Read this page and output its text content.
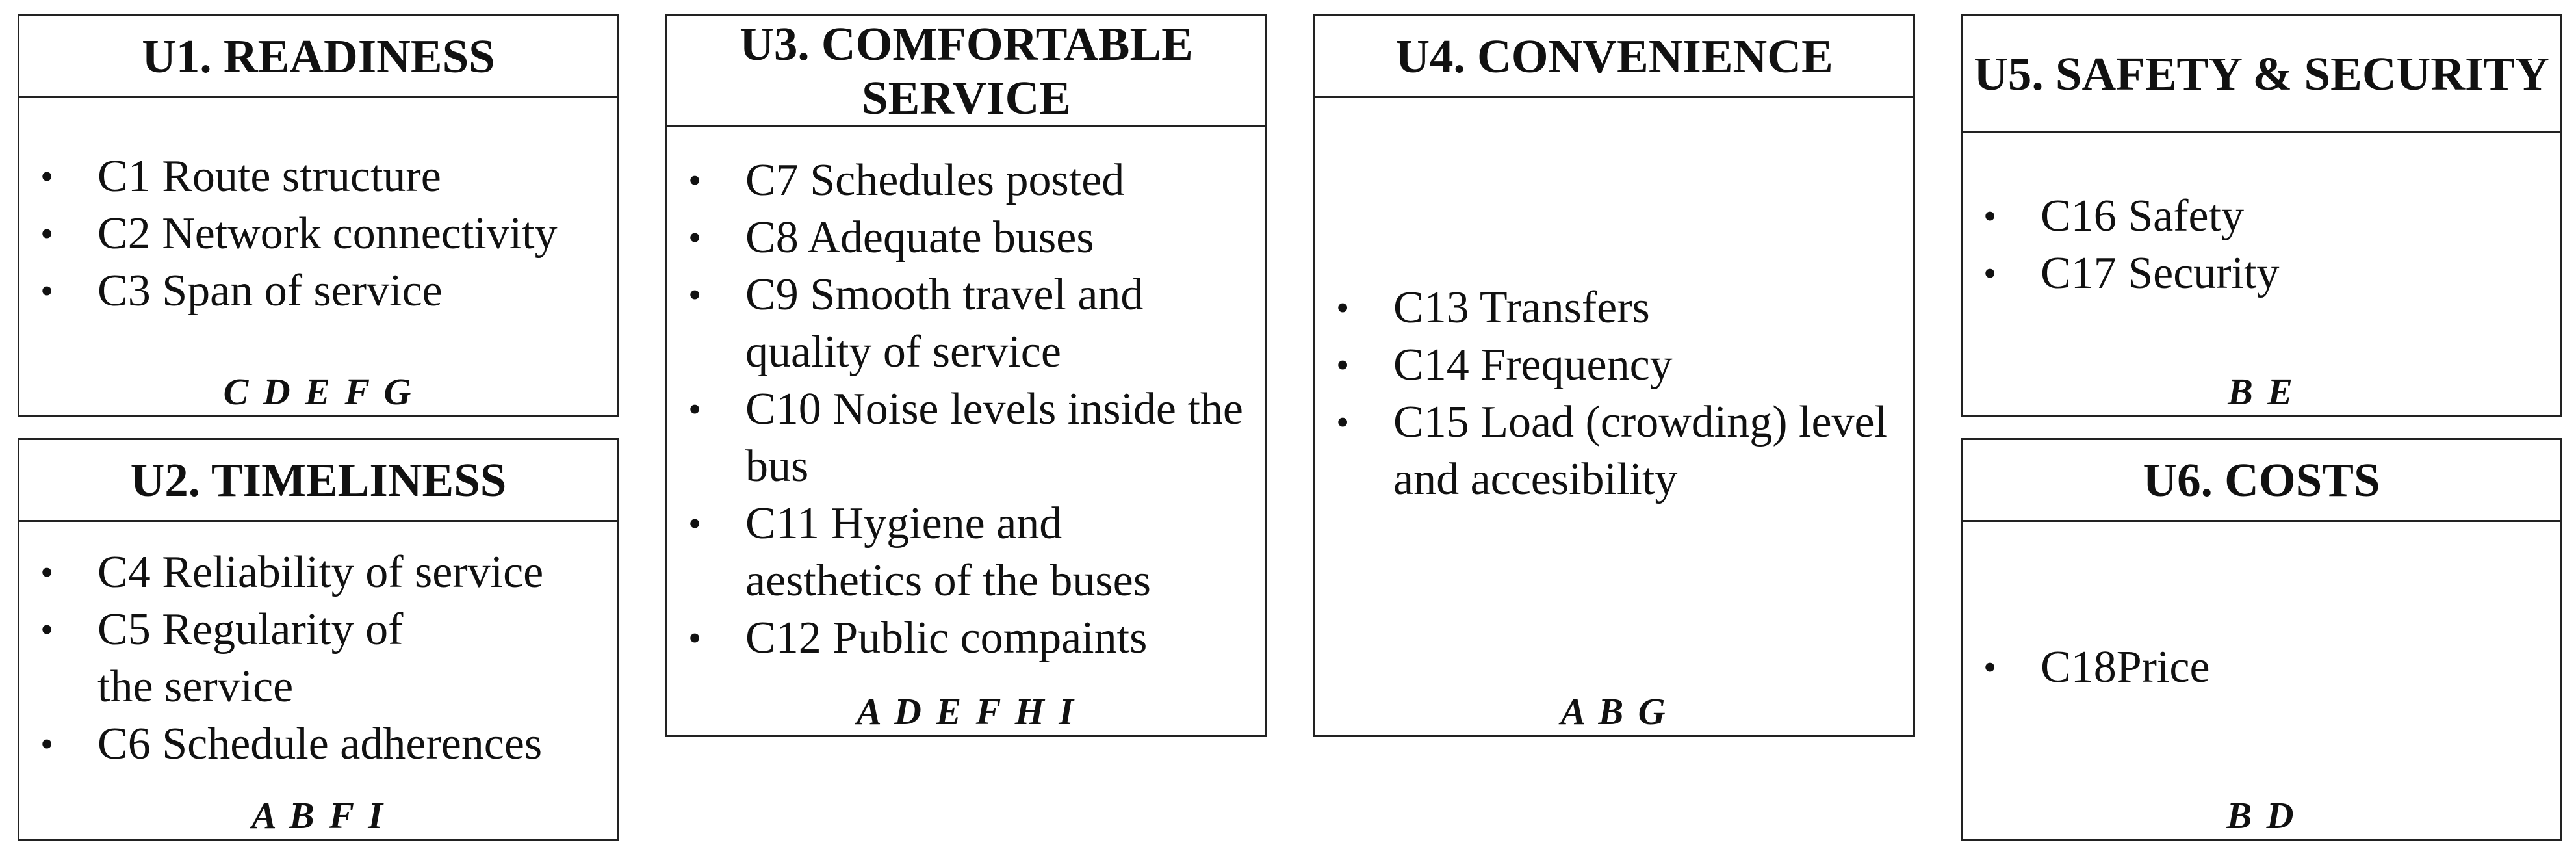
U1. READINESS
• C1 Route structure
• C2 Network connectivity
• C3 Span of service
C D E F G
U2. TIMELINESS
• C4 Reliability of service
• C5 Regularity of the service
• C6 Schedule adherences
A B F I
U3. COMFORTABLE SERVICE
• C7 Schedules posted
• C8 Adequate buses
• C9 Smooth travel and quality of service
• C10 Noise levels inside the bus
• C11 Hygiene and aesthetics of the buses
• C12 Public compaints
A D E F H I
U4. CONVENIENCE
• C13 Transfers
• C14 Frequency
• C15 Load (crowding) level and accesibility
A B G
U5. SAFETY & SECURITY
• C16 Safety
• C17 Security
B E
U6. COSTS
• C18Price
B D
